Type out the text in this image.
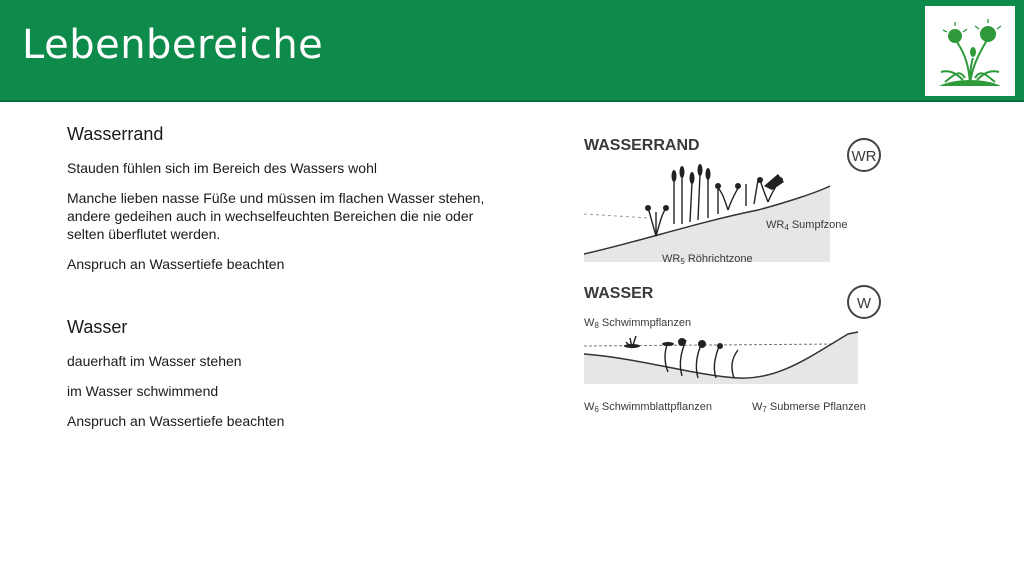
Lebenbereiche
Wasserrand
Stauden fühlen sich im Bereich des Wassers wohl
Manche lieben nasse Füße und müssen im flachen Wasser stehen, andere gedeihen auch in wechselfeuchten Bereichen die nie oder selten überflutet werden.
Anspruch an Wassertiefe beachten
Wasser
dauerhaft im Wasser stehen
im Wasser schwimmend
Anspruch an Wassertiefe beachten
WASSERRAND
WR
WR4 Sumpfzone
WR5 Röhrichtzone
WASSER
W
W8 Schwimmpflanzen
W6 Schwimmblattpflanzen	W7 Submerse Pflanzen
